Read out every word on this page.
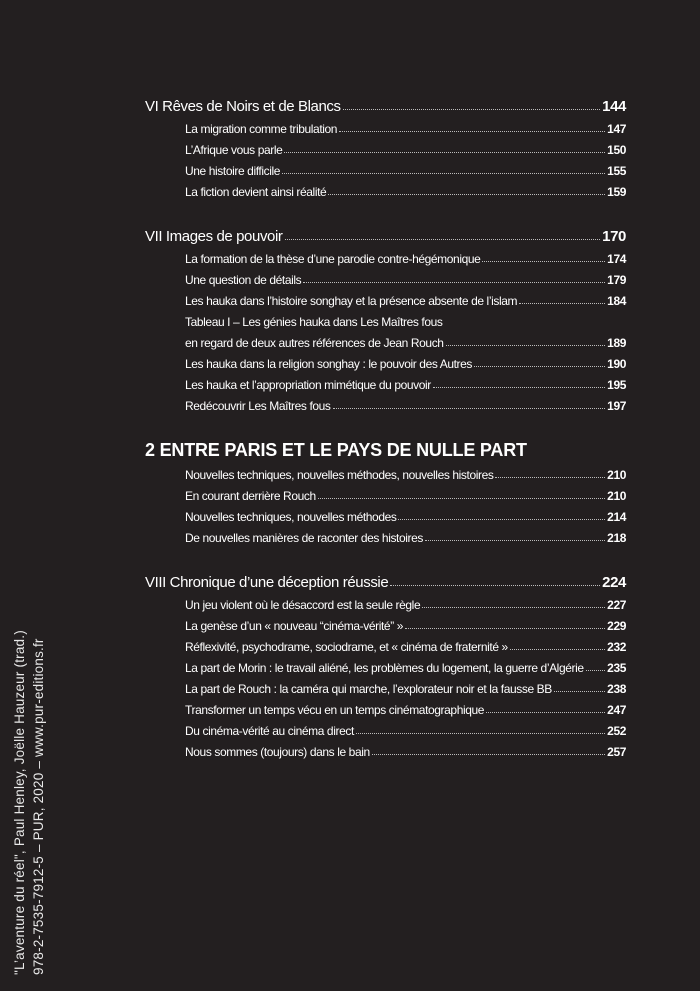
VI Rêves de Noirs et de Blancs	144
La migration comme tribulation	147
L’Afrique vous parle	150
Une histoire difficile	155
La fiction devient ainsi réalité	159
VII Images de pouvoir	170
La formation de la thèse d’une parodie contre-hégémonique	174
Une question de détails	179
Les hauka dans l’histoire songhay et la présence absente de l’islam	184
Tableau I – Les génies hauka dans Les Maîtres fous
en regard de deux autres références de Jean Rouch	189
Les hauka dans la religion songhay : le pouvoir des Autres	190
Les hauka et l’appropriation mimétique du pouvoir	195
Redécouvrir Les Maîtres fous	197
2 ENTRE PARIS ET LE PAYS DE NULLE PART
Nouvelles techniques, nouvelles méthodes, nouvelles histoires	210
En courant derrière Rouch	210
Nouvelles techniques, nouvelles méthodes	214
De nouvelles manières de raconter des histoires	218
VIII Chronique d’une déception réussie	224
Un jeu violent où le désaccord est la seule règle	227
La genèse d’un « nouveau “cinéma-vérité” »	229
Réflexivité, psychodrame, sociodrame, et « cinéma de fraternité »	232
La part de Morin : le travail aliéné, les problèmes du logement, la guerre d’Algérie 235
La part de Rouch : la caméra qui marche, l’explorateur noir et la fausse BB	238
Transformer un temps vécu en un temps cinématographique	247
Du cinéma-vérité au cinéma direct	252
Nous sommes (toujours) dans le bain	257
"L’aventure du réel", Paul Henley, Joëlle Hauzeur (trad.) 978-2-7535-7912-5 – PUR, 2020 – www.pur-editions.fr
